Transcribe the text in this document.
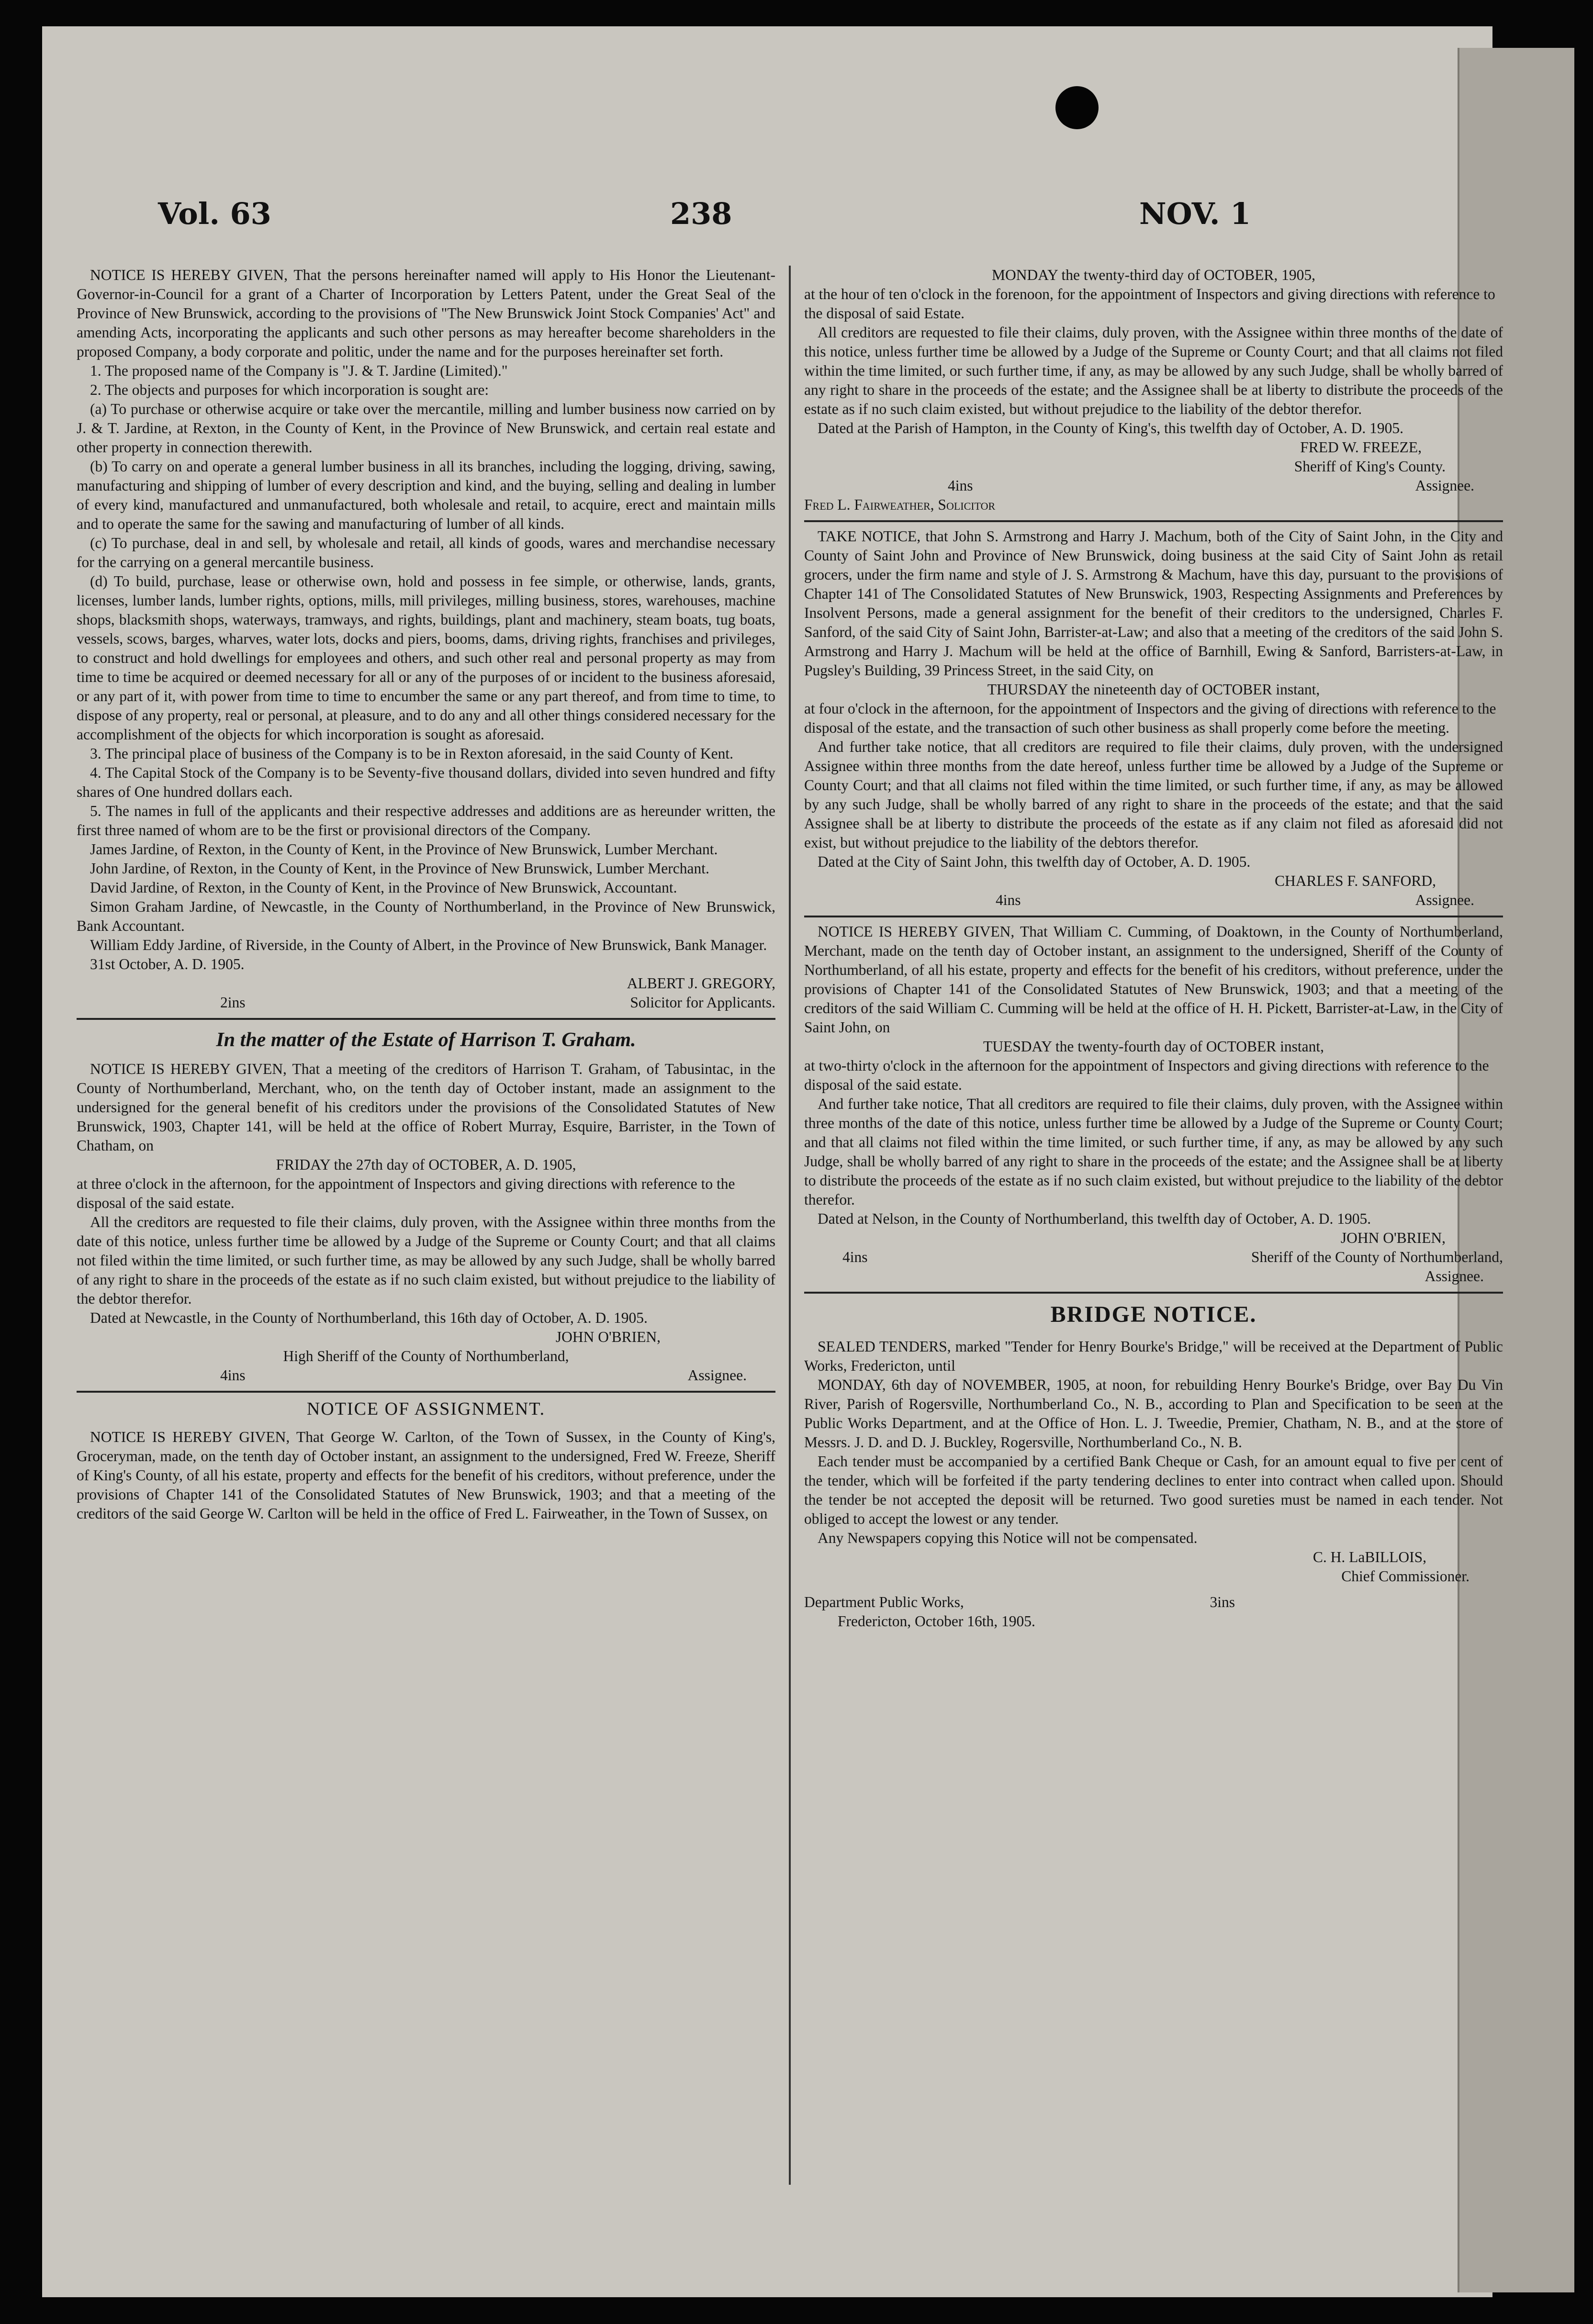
Vol. 63	238	NOV. 1

NOTICE IS HEREBY GIVEN, That the persons hereinafter named will apply to His Honor the Lieutenant-Governor-in-Council for a grant of a Charter of Incorporation by Letters Patent, under the Great Seal of the Province of New Brunswick, according to the provisions of "The New Brunswick Joint Stock Companies' Act" and amending Acts, incorporating the applicants and such other persons as may hereafter become shareholders in the proposed Company, a body corporate and politic, under the name and for the purposes hereinafter set forth.

1. The proposed name of the Company is "J. & T. Jardine (Limited)."

2. The objects and purposes for which incorporation is sought are:

(a) To purchase or otherwise acquire or take over the mercantile, milling and lumber business now carried on by J. & T. Jardine, at Rexton, in the County of Kent, in the Province of New Brunswick, and certain real estate and other property in connection therewith.

(b) To carry on and operate a general lumber business in all its branches, including the logging, driving, sawing, manufacturing and shipping of lumber of every description and kind, and the buying, selling and dealing in lumber of every kind, manufactured and unmanufactured, both wholesale and retail, to acquire, erect and maintain mills and to operate the same for the sawing and manufacturing of lumber of all kinds.

(c) To purchase, deal in and sell, by wholesale and retail, all kinds of goods, wares and merchandise necessary for the carrying on a general mercantile business.

(d) To build, purchase, lease or otherwise own, hold and possess in fee simple, or otherwise, lands, grants, licenses, lumber lands, lumber rights, options, mills, mill privileges, milling business, stores, warehouses, machine shops, blacksmith shops, waterways, tramways, and rights, buildings, plant and machinery, steam boats, tug boats, vessels, scows, barges, wharves, water lots, docks and piers, booms, dams, driving rights, franchises and privileges, to construct and hold dwellings for employees and others, and such other real and personal property as may from time to time be acquired or deemed necessary for all or any of the purposes of or incident to the business aforesaid, or any part of it, with power from time to time to encumber the same or any part thereof, and from time to time, to dispose of any property, real or personal, at pleasure, and to do any and all other things considered necessary for the accomplishment of the objects for which incorporation is sought as aforesaid.

3. The principal place of business of the Company is to be in Rexton aforesaid, in the said County of Kent.

4. The Capital Stock of the Company is to be Seventy-five thousand dollars, divided into seven hundred and fifty shares of One hundred dollars each.

5. The names in full of the applicants and their respective addresses and additions are as hereunder written, the first three named of whom are to be the first or provisional directors of the Company.

James Jardine, of Rexton, in the County of Kent, in the Province of New Brunswick, Lumber Merchant.

John Jardine, of Rexton, in the County of Kent, in the Province of New Brunswick, Lumber Merchant.

David Jardine, of Rexton, in the County of Kent, in the Province of New Brunswick, Accountant.

Simon Graham Jardine, of Newcastle, in the County of Northumberland, in the Province of New Brunswick, Bank Accountant.

William Eddy Jardine, of Riverside, in the County of Albert, in the Province of New Brunswick, Bank Manager.

31st October, A. D. 1905.

ALBERT J. GREGORY,

2ins	Solicitor for Applicants.
In the matter of the Estate of Harrison T. Graham.

NOTICE IS HEREBY GIVEN, That a meeting of the creditors of Harrison T. Graham, of Tabusintac, in the County of Northumberland, Merchant, who, on the tenth day of October instant, made an assignment to the undersigned for the general benefit of his creditors under the provisions of the Consolidated Statutes of New Brunswick, 1903, Chapter 141, will be held at the office of Robert Murray, Esquire, Barrister, in the Town of Chatham, on

FRIDAY the 27th day of OCTOBER, A. D. 1905,

at three o'clock in the afternoon, for the appointment of Inspectors and giving directions with reference to the disposal of the said estate.

All the creditors are requested to file their claims, duly proven, with the Assignee within three months from the date of this notice, unless further time be allowed by a Judge of the Supreme or County Court; and that all claims not filed within the time limited, or such further time, as may be allowed by any such Judge, shall be wholly barred of any right to share in the proceeds of the estate as if no such claim existed, but without prejudice to the liability of the debtor therefor.

Dated at Newcastle, in the County of Northumberland, this 16th day of October, A. D. 1905.

JOHN O'BRIEN,

High Sheriff of the County of Northumberland,

4ins	Assignee.
NOTICE OF ASSIGNMENT.

NOTICE IS HEREBY GIVEN, That George W. Carlton, of the Town of Sussex, in the County of King's, Groceryman, made, on the tenth day of October instant, an assignment to the undersigned, Fred W. Freeze, Sheriff of King's County, of all his estate, property and effects for the benefit of his creditors, without preference, under the provisions of Chapter 141 of the Consolidated Statutes of New Brunswick, 1903; and that a meeting of the creditors of the said George W. Carlton will be held in the office of Fred L. Fairweather, in the Town of Sussex, on

MONDAY the twenty-third day of OCTOBER, 1905,

at the hour of ten o'clock in the forenoon, for the appointment of Inspectors and giving directions with reference to the disposal of said Estate.

All creditors are requested to file their claims, duly proven, with the Assignee within three months of the date of this notice, unless further time be allowed by a Judge of the Supreme or County Court; and that all claims not filed within the time limited, or such further time, if any, as may be allowed by any such Judge, shall be wholly barred of any right to share in the proceeds of the estate; and the Assignee shall be at liberty to distribute the proceeds of the estate as if no such claim existed, but without prejudice to the liability of the debtor therefor.

Dated at the Parish of Hampton, in the County of King's, this twelfth day of October, A. D. 1905.

FRED W. FREEZE,

Sheriff of King's County.

4ins	Assignee.

Fred L. Fairweather, Solicitor

TAKE NOTICE, that John S. Armstrong and Harry J. Machum, both of the City of Saint John, in the City and County of Saint John and Province of New Brunswick, doing business at the said City of Saint John as retail grocers, under the firm name and style of J. S. Armstrong & Machum, have this day, pursuant to the provisions of Chapter 141 of The Consolidated Statutes of New Brunswick, 1903, Respecting Assignments and Preferences by Insolvent Persons, made a general assignment for the benefit of their creditors to the undersigned, Charles F. Sanford, of the said City of Saint John, Barrister-at-Law; and also that a meeting of the creditors of the said John S. Armstrong and Harry J. Machum will be held at the office of Barnhill, Ewing & Sanford, Barristers-at-Law, in Pugsley's Building, 39 Princess Street, in the said City, on

THURSDAY the nineteenth day of OCTOBER instant,

at four o'clock in the afternoon, for the appointment of Inspectors and the giving of directions with reference to the disposal of the estate, and the transaction of such other business as shall properly come before the meeting.

And further take notice, that all creditors are required to file their claims, duly proven, with the undersigned Assignee within three months from the date hereof, unless further time be allowed by a Judge of the Supreme or County Court; and that all claims not filed within the time limited, or such further time, if any, as may be allowed by any such Judge, shall be wholly barred of any right to share in the proceeds of the estate; and that the said Assignee shall be at liberty to distribute the proceeds of the estate as if any claim not filed as aforesaid did not exist, but without prejudice to the liability of the debtors therefor.

Dated at the City of Saint John, this twelfth day of October, A. D. 1905.

CHARLES F. SANFORD,

4ins	Assignee.

NOTICE IS HEREBY GIVEN, That William C. Cumming, of Doaktown, in the County of Northumberland, Merchant, made on the tenth day of October instant, an assignment to the undersigned, Sheriff of the County of Northumberland, of all his estate, property and effects for the benefit of his creditors, without preference, under the provisions of Chapter 141 of the Consolidated Statutes of New Brunswick, 1903; and that a meeting of the creditors of the said William C. Cumming will be held at the office of H. H. Pickett, Barrister-at-Law, in the City of Saint John, on

TUESDAY the twenty-fourth day of OCTOBER instant,

at two-thirty o'clock in the afternoon for the appointment of Inspectors and giving directions with reference to the disposal of the said estate.

And further take notice, That all creditors are required to file their claims, duly proven, with the Assignee within three months of the date of this notice, unless further time be allowed by a Judge of the Supreme or County Court; and that all claims not filed within the time limited, or such further time, if any, as may be allowed by any such Judge, shall be wholly barred of any right to share in the proceeds of the estate; and the Assignee shall be at liberty to distribute the proceeds of the estate as if no such claim existed, but without prejudice to the liability of the debtor therefor.

Dated at Nelson, in the County of Northumberland, this twelfth day of October, A. D. 1905.

JOHN O'BRIEN,

4ins	Sheriff of the County of Northumberland,

Assignee.

BRIDGE NOTICE.

SEALED TENDERS, marked "Tender for Henry Bourke's Bridge," will be received at the Department of Public Works, Fredericton, until

MONDAY, 6th day of NOVEMBER, 1905, at noon, for rebuilding Henry Bourke's Bridge, over Bay Du Vin River, Parish of Rogersville, Northumberland Co., N. B., according to Plan and Specification to be seen at the Public Works Department, and at the Office of Hon. L. J. Tweedie, Premier, Chatham, N. B., and at the store of Messrs. J. D. and D. J. Buckley, Rogersville, Northumberland Co., N. B.

Each tender must be accompanied by a certified Bank Cheque or Cash, for an amount equal to five per cent of the tender, which will be forfeited if the party tendering declines to enter into contract when called upon. Should the tender be not accepted the deposit will be returned. Two good sureties must be named in each tender. Not obliged to accept the lowest or any tender.

Any Newspapers copying this Notice will not be compensated.

C. H. LaBILLOIS,

Chief Commissioner.

Department Public Works,	3ins

Fredericton, October 16th, 1905.
